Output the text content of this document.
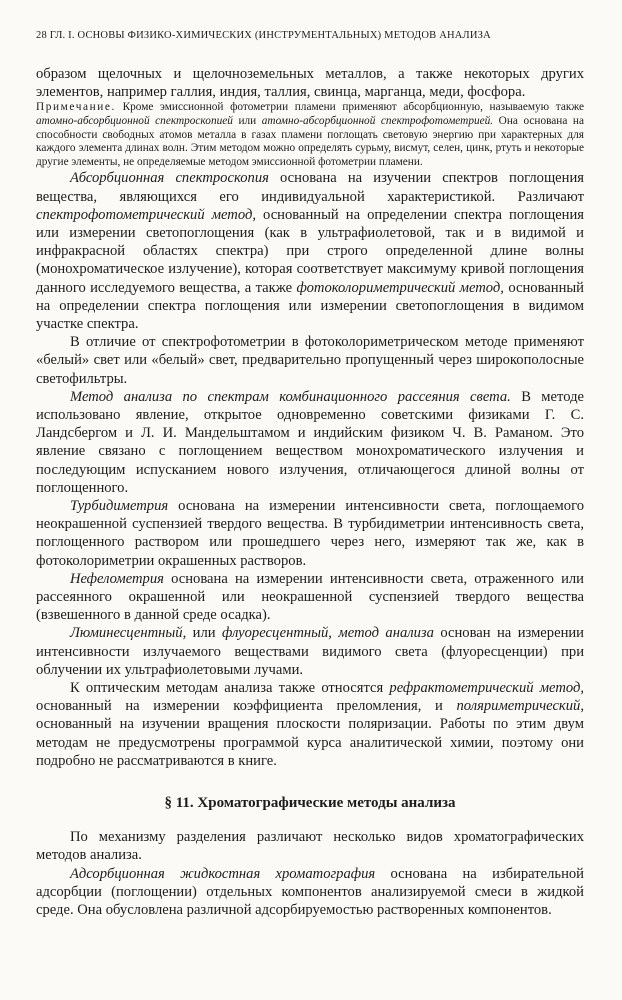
28 ГЛ. I. ОСНОВЫ ФИЗИКО-ХИМИЧЕСКИХ (ИНСТРУМЕНТАЛЬНЫХ) МЕТОДОВ АНАЛИЗА

образом щелочных и щелочноземельных металлов, а также некоторых других элементов, например галлия, индия, таллия, свинца, марганца, меди, фосфора.

Примечание. Кроме эмиссионной фотометрии пламени применяют абсорбционную, называемую также атомно-абсорбционной спектроскопией или атомно-абсорбционной спектрофотометрией. Она основана на способности свободных атомов металла в газах пламени поглощать световую энергию при характерных для каждого элемента длинах волн. Этим методом можно определять сурьму, висмут, селен, цинк, ртуть и некоторые другие элементы, не определяемые методом эмиссионной фотометрии пламени.

Абсорбционная спектроскопия основана на изучении спектров поглощения вещества, являющихся его индивидуальной характеристикой. Различают спектрофотометрический метод, основанный на определении спектра поглощения или измерении светопоглощения (как в ультрафиолетовой, так и в видимой и инфракрасной областях спектра) при строго определенной длине волны (монохроматическое излучение), которая соответствует максимуму кривой поглощения данного исследуемого вещества, а также фотоколориметрический метод, основанный на определении спектра поглощения или измерении светопоглощения в видимом участке спектра.

В отличие от спектрофотометрии в фотоколориметрическом методе применяют «белый» свет или «белый» свет, предварительно пропущенный через широкополосные светофильтры.

Метод анализа по спектрам комбинационного рассеяния света. В методе использовано явление, открытое одновременно советскими физиками Г. С. Ландсбергом и Л. И. Мандельштамом и индийским физиком Ч. В. Раманом. Это явление связано с поглощением веществом монохроматического излучения и последующим испусканием нового излучения, отличающегося длиной волны от поглощенного.

Турбидиметрия основана на измерении интенсивности света, поглощаемого неокрашенной суспензией твердого вещества. В турбидиметрии интенсивность света, поглощенного раствором или прошедшего через него, измеряют так же, как в фотоколориметрии окрашенных растворов.

Нефелометрия основана на измерении интенсивности света, отраженного или рассеянного окрашенной или неокрашенной суспензией твердого вещества (взвешенного в данной среде осадка).

Люминесцентный, или флуоресцентный, метод анализа основан на измерении интенсивности излучаемого веществами видимого света (флуоресценции) при облучении их ультрафиолетовыми лучами.

К оптическим методам анализа также относятся рефрактометрический метод, основанный на измерении коэффициента преломления, и поляриметрический, основанный на изучении вращения плоскости поляризации. Работы по этим двум методам не предусмотрены программой курса аналитической химии, поэтому они подробно не рассматриваются в книге.

§ 11. Хроматографические методы анализа

По механизму разделения различают несколько видов хроматографических методов анализа.

Адсорбционная жидкостная хроматография основана на избирательной адсорбции (поглощении) отдельных компонентов анализируемой смеси в жидкой среде. Она обусловлена различной адсорбируемостью растворенных компонентов.
